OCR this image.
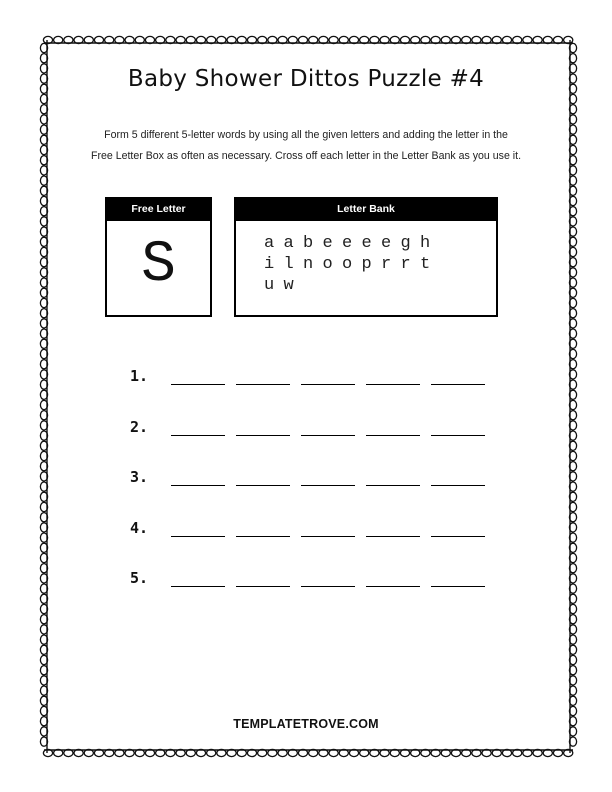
Baby Shower Dittos Puzzle #4
Form 5 different 5-letter words by using all the given letters and adding the letter in the
Free Letter Box as often as necessary. Cross off each letter in the Letter Bank as you use it.
Free Letter
S
Letter Bank
a a b e e e e g h
i l n o o p r r t
u w
1.
2.
3.
4.
5.
TEMPLATETROVE.COM
